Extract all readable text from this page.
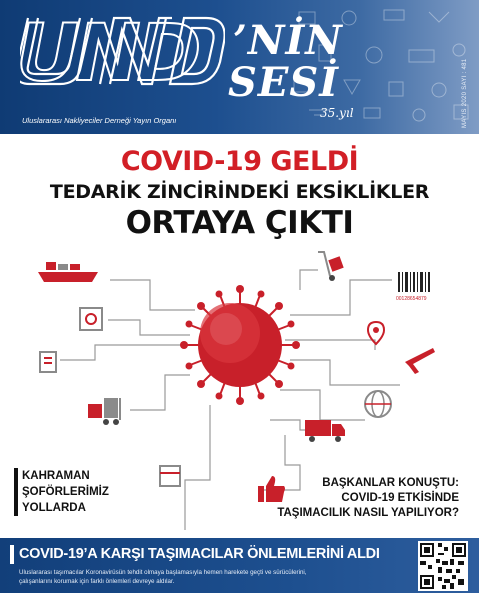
UND ’NİN
SESİ
35.yıl
Uluslararası Nakliyeciler Derneği Yayın Organı	MAYIS 2020 SAYI : 481
COVID-19 GELDİ
TEDARİK ZİNCİRİNDEKİ EKSİKLİKLER
ORTAYA ÇIKTI
00128654879
KAHRAMAN
ŞOFÖRLERİMİZ
YOLLARDA
BAŞKANLAR KONUŞTU:
COVID-19 ETKİSİNDE
TAŞIMACILIK NASIL YAPILIYOR?
COVID-19’A KARŞI TAŞIMACILAR ÖNLEMLERİNİ ALDI
Uluslararası taşımacılar Koronavirüsün tehdit olmaya başlamasıyla hemen harekete geçti ve sürücülerini,
çalışanlarını korumak için farklı önlemleri devreye aldılar.
